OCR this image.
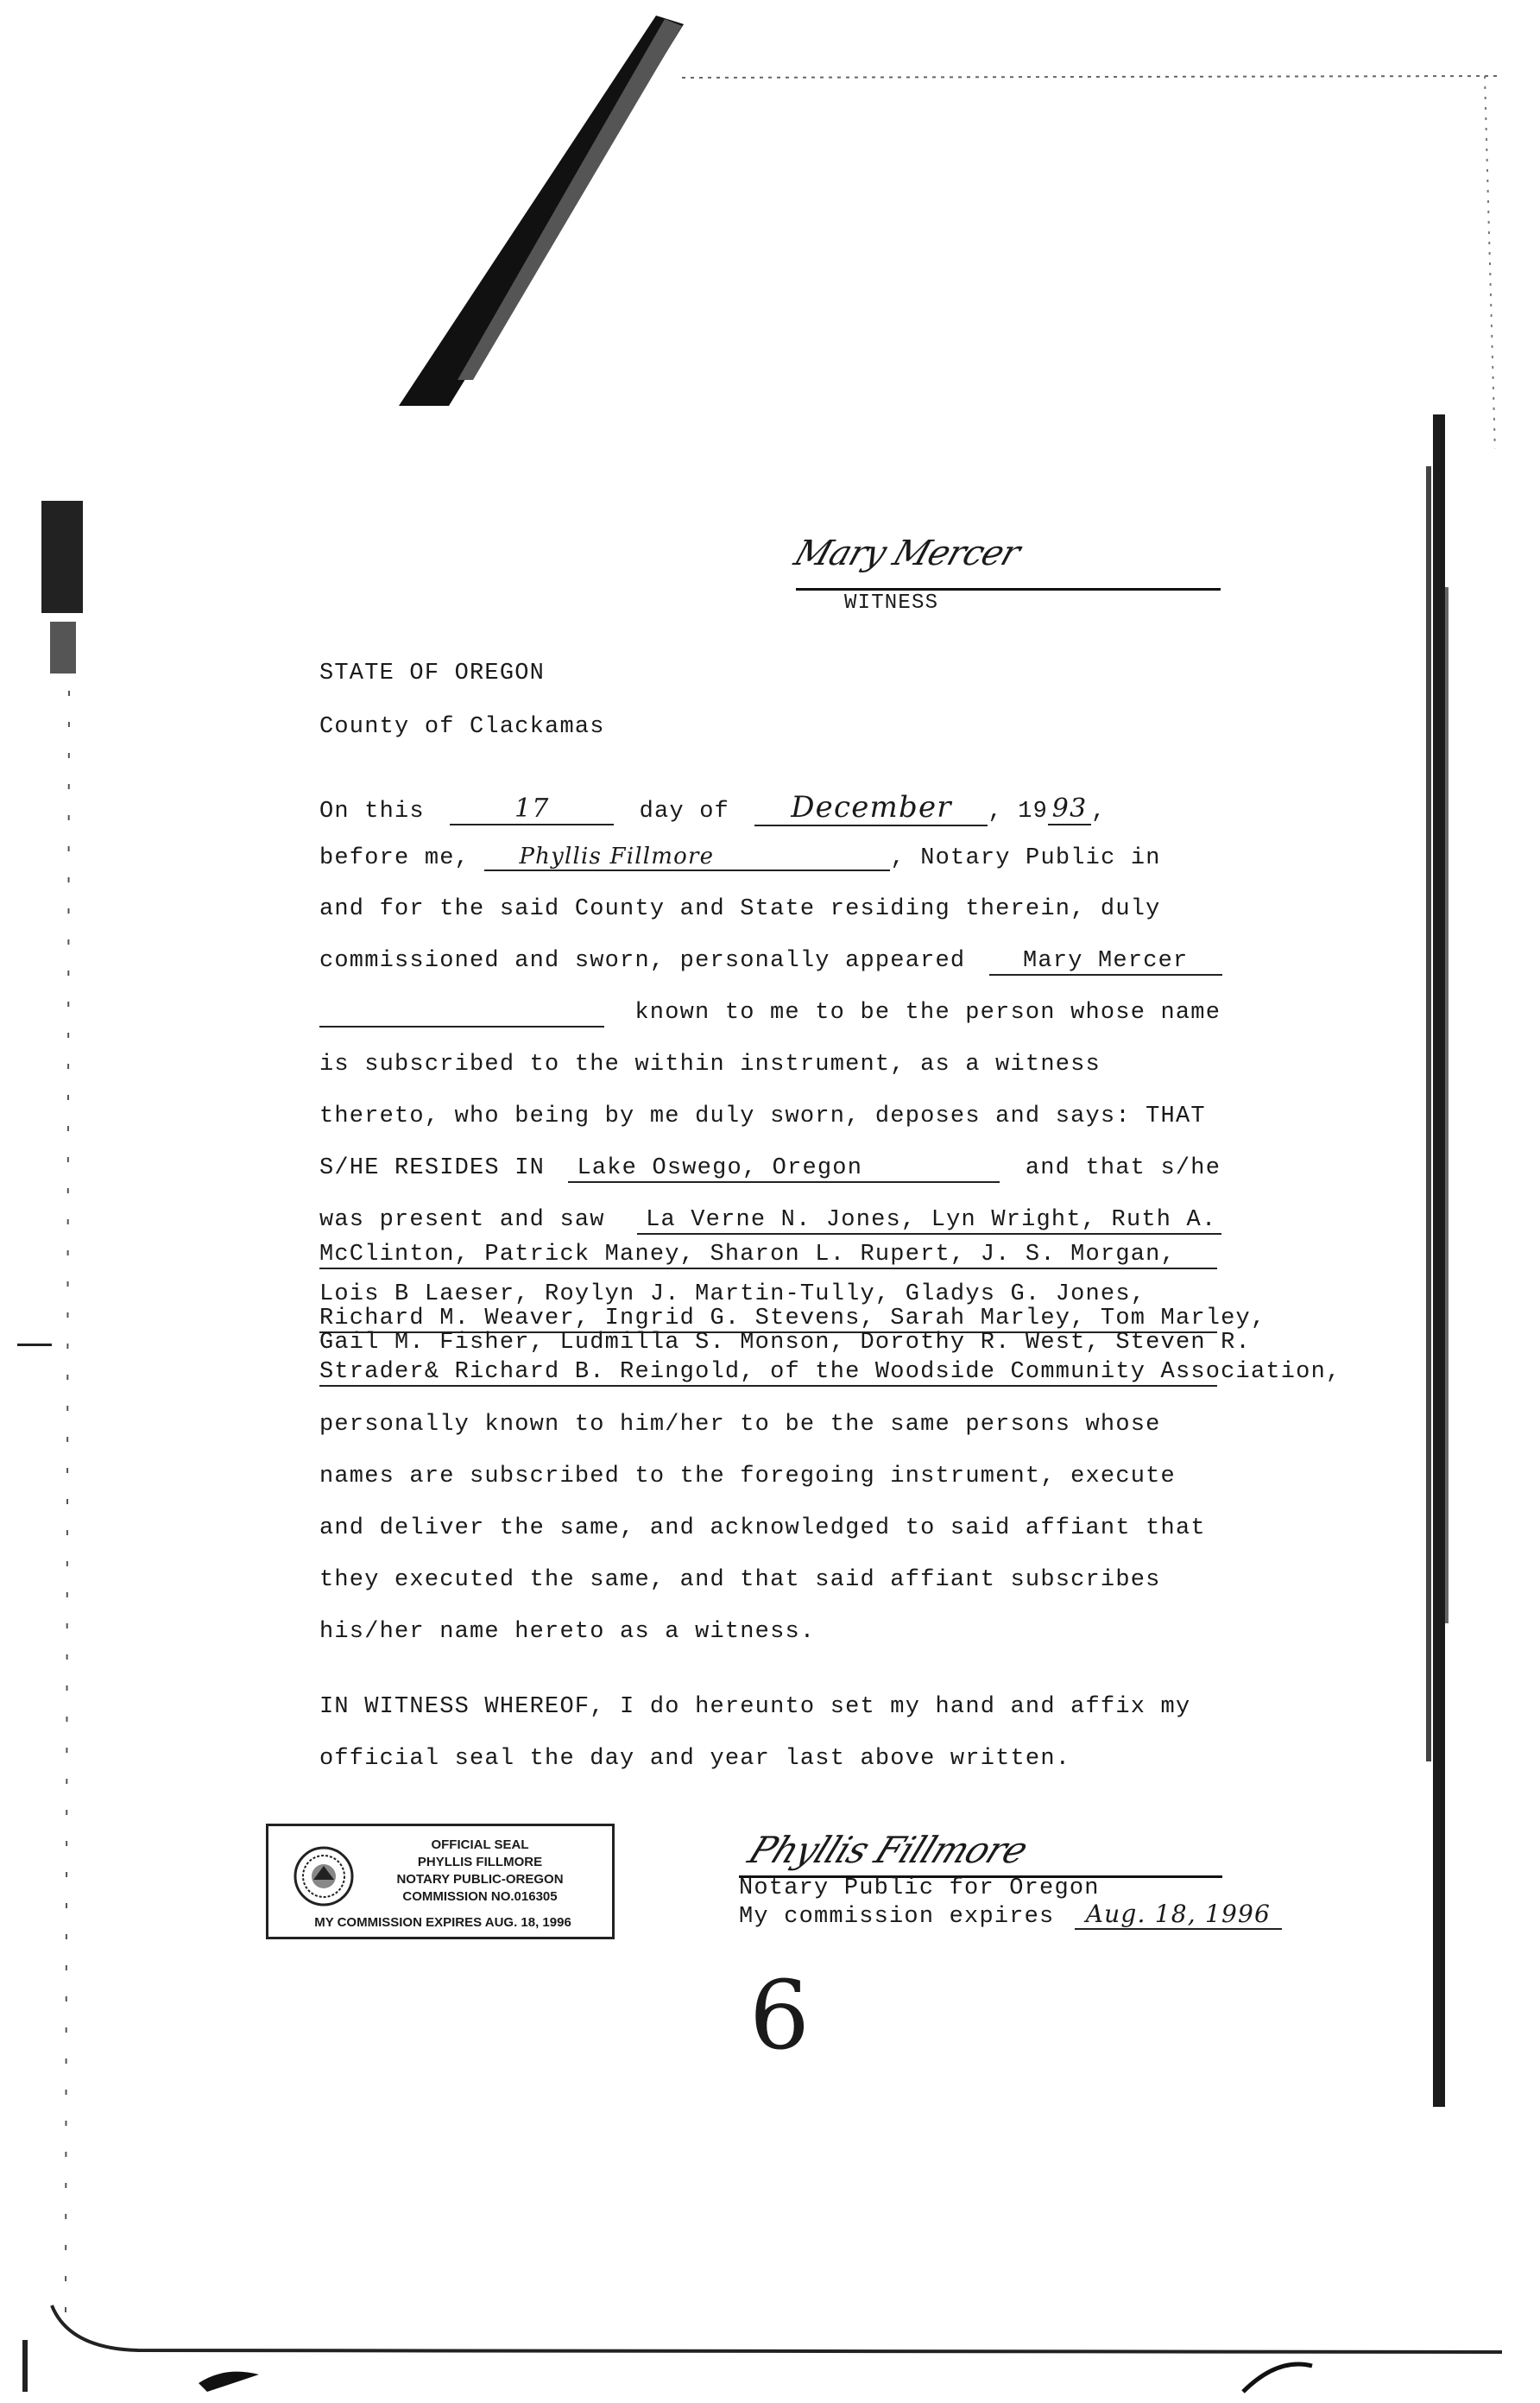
Mary Mercer
WITNESS
STATE OF OREGON
County of Clackamas
On this	17	day of December , 19 93 ,
before me, Phyllis Fillmore	, Notary Public in
and for the said County and State residing therein, duly
commissioned and sworn, personally appeared Mary Mercer
known to me to be the person whose name
is subscribed to the within instrument, as a witness
thereto, who being by me duly sworn, deposes and says: THAT
S/HE RESIDES IN Lake Oswego, Oregon	and that s/he
was present and saw La Verne N. Jones, Lyn Wright, Ruth A.
McClinton, Patrick Maney, Sharon L. Rupert, J. S. Morgan,
Lois B Laeser, Roylyn J. Martin-Tully, Gladys G. Jones,
Richard M. Weaver, Ingrid G. Stevens, Sarah Marley, Tom Marley,
Gail M. Fisher, Ludmilla S. Monson, Dorothy R. West, Steven R.
Strader& Richard B. Reingold, of the Woodside Community Association,
personally known to him/her to be the same persons whose
names are subscribed to the foregoing instrument, execute
and deliver the same, and acknowledged to said affiant that
they executed the same, and that said affiant subscribes
his/her name hereto as a witness.
IN WITNESS WHEREOF, I do hereunto set my hand and affix my
official seal the day and year last above written.
OFFICIAL SEAL
PHYLLIS FILLMORE
NOTARY PUBLIC-OREGON
COMMISSION NO.016305
MY COMMISSION EXPIRES AUG. 18, 1996
Phyllis Fillmore
Notary Public for Oregon
My commission expires Aug. 18, 1996
6
